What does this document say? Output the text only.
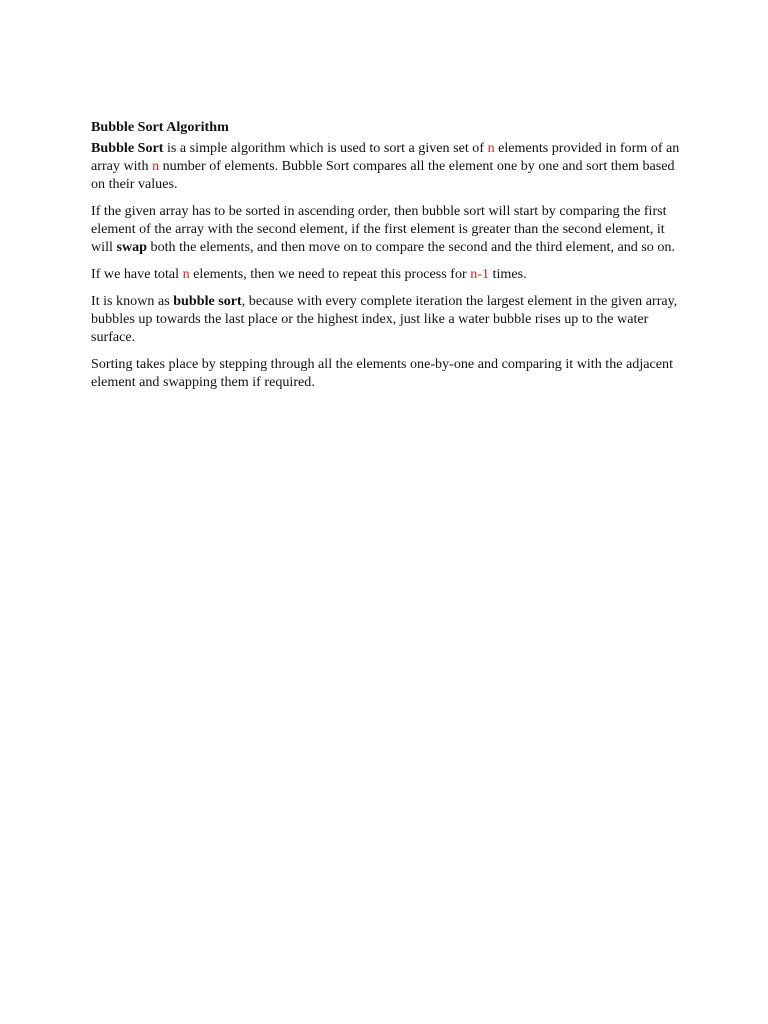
Bubble Sort Algorithm

Bubble Sort is a simple algorithm which is used to sort a given set of n elements provided in form of an array with n number of elements. Bubble Sort compares all the element one by one and sort them based on their values.

If the given array has to be sorted in ascending order, then bubble sort will start by comparing the first element of the array with the second element, if the first element is greater than the second element, it will swap both the elements, and then move on to compare the second and the third element, and so on.

If we have total n elements, then we need to repeat this process for n-1 times.

It is known as bubble sort, because with every complete iteration the largest element in the given array, bubbles up towards the last place or the highest index, just like a water bubble rises up to the water surface.

Sorting takes place by stepping through all the elements one-by-one and comparing it with the adjacent element and swapping them if required.
